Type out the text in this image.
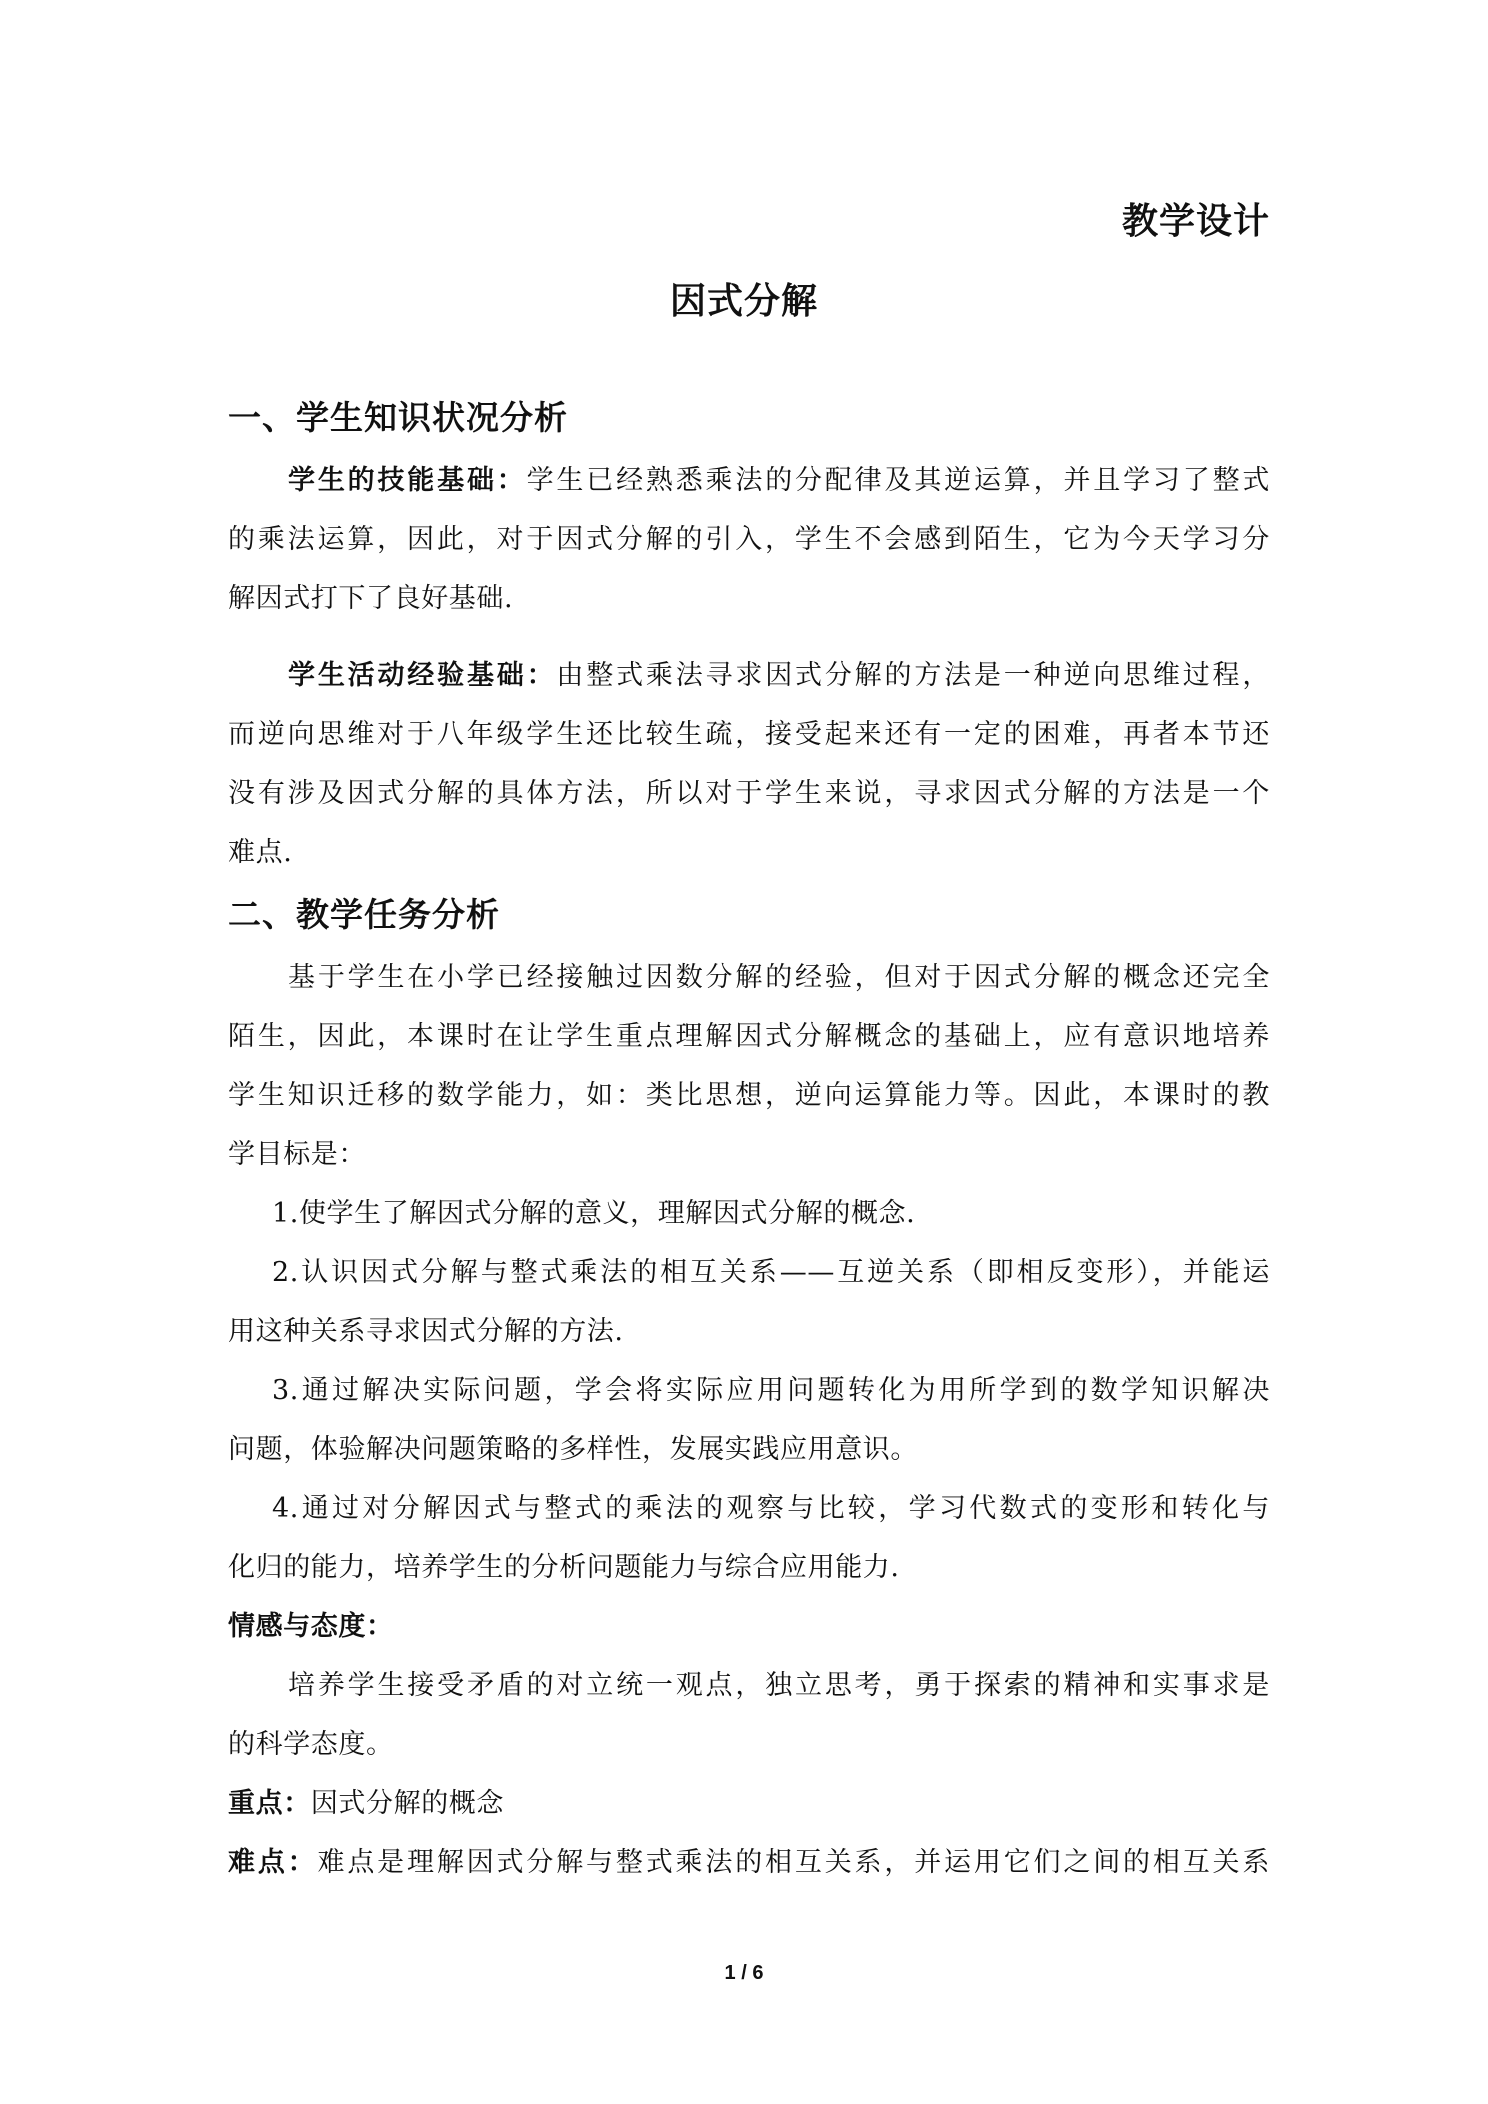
教学设计
因式分解
一、学生知识状况分析
学生的技能基础：学生已经熟悉乘法的分配律及其逆运算，并且学习了整式
的乘法运算，因此，对于因式分解的引入，学生不会感到陌生，它为今天学习分
解因式打下了良好基础.
学生活动经验基础：由整式乘法寻求因式分解的方法是一种逆向思维过程，
而逆向思维对于八年级学生还比较生疏，接受起来还有一定的困难，再者本节还
没有涉及因式分解的具体方法，所以对于学生来说，寻求因式分解的方法是一个
难点.
二、教学任务分析
基于学生在小学已经接触过因数分解的经验，但对于因式分解的概念还完全
陌生，因此，本课时在让学生重点理解因式分解概念的基础上，应有意识地培养
学生知识迁移的数学能力，如：类比思想，逆向运算能力等。因此，本课时的教
学目标是：
1.使学生了解因式分解的意义，理解因式分解的概念.
2.认识因式分解与整式乘法的相互关系——互逆关系（即相反变形），并能运
用这种关系寻求因式分解的方法.
3.通过解决实际问题，学会将实际应用问题转化为用所学到的数学知识解决
问题，体验解决问题策略的多样性，发展实践应用意识。
4.通过对分解因式与整式的乘法的观察与比较，学习代数式的变形和转化与
化归的能力，培养学生的分析问题能力与综合应用能力.
情感与态度：
培养学生接受矛盾的对立统一观点，独立思考，勇于探索的精神和实事求是
的科学态度。
重点：因式分解的概念
难点：难点是理解因式分解与整式乘法的相互关系，并运用它们之间的相互关系
1 / 6
